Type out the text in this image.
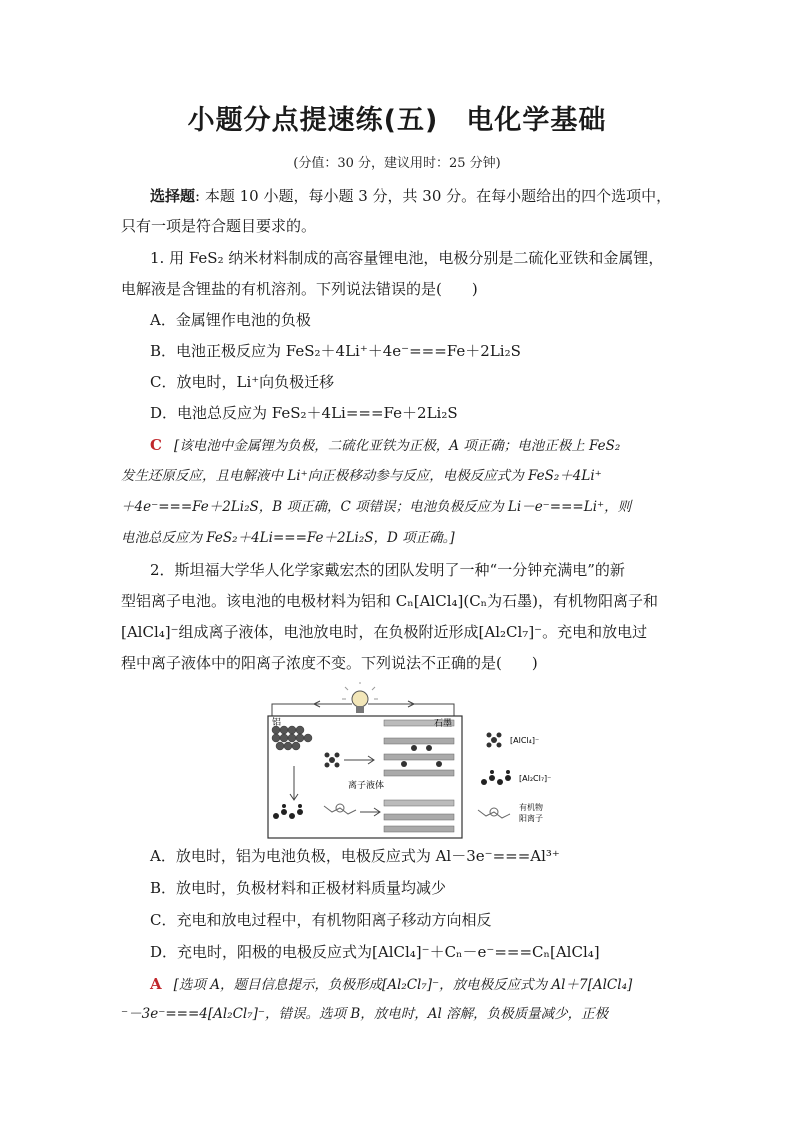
小题分点提速练(五)　电化学基础
(分值：30 分，建议用时：25 分钟)
选择题: 本题 10 小题，每小题 3 分，共 30 分。在每小题给出的四个选项中，
只有一项是符合题目要求的。
1. 用 FeS₂ 纳米材料制成的高容量锂电池，电极分别是二硫化亚铁和金属锂，
电解液是含锂盐的有机溶剂。下列说法错误的是(　　)
A．金属锂作电池的负极
B．电池正极反应为 FeS₂＋4Li⁺＋4e⁻===Fe＋2Li₂S
C．放电时，Li⁺向负极迁移
D．电池总反应为 FeS₂＋4Li===Fe＋2Li₂S
C [该电池中金属锂为负极，二硫化亚铁为正极，A 项正确；电池正极上 FeS₂
发生还原反应，且电解液中 Li⁺向正极移动参与反应，电极反应式为 FeS₂＋4Li⁺
＋4e⁻===Fe＋2Li₂S，B 项正确，C 项错误；电池负极反应为 Li－e⁻===Li⁺，则
电池总反应为 FeS₂＋4Li===Fe＋2Li₂S，D 项正确。]
2．斯坦福大学华人化学家戴宏杰的团队发明了一种“一分钟充满电”的新
型铝离子电池。该电池的电极材料为铝和 Cₙ[AlCl₄](Cₙ为石墨)，有机物阳离子和
[AlCl₄]⁻组成离子液体，电池放电时，在负极附近形成[Al₂Cl₇]⁻。充电和放电过
程中离子液体中的阳离子浓度不变。下列说法不正确的是(　　)
铝	石墨
离子液体
[AlCl₄]⁻
[Al₂Cl₇]⁻
有机物
阳离子
A．放电时，铝为电池负极，电极反应式为 Al－3e⁻===Al³⁺
B．放电时，负极材料和正极材料质量均减少
C．充电和放电过程中，有机物阳离子移动方向相反
D．充电时，阳极的电极反应式为[AlCl₄]⁻＋Cₙ－e⁻===Cₙ[AlCl₄]
A [选项 A，题目信息提示，负极形成[Al₂Cl₇]⁻，放电极反应式为 Al＋7[AlCl₄]
⁻－3e⁻===4[Al₂Cl₇]⁻，错误。选项 B，放电时，Al 溶解，负极质量减少，正极
